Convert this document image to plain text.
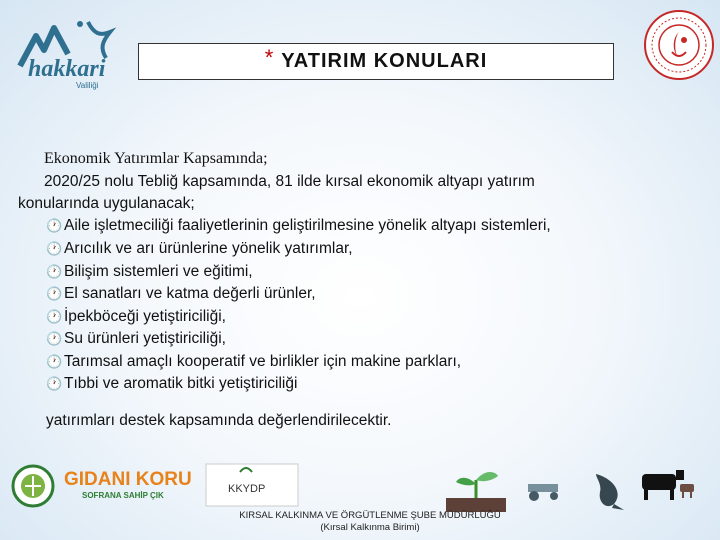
hakkari
Valiliği
* YATIRIM KONULARI
Ekonomik Yatırımlar Kapsamında;
2020/25 nolu Tebliğ kapsamında, 81 ilde kırsal ekonomik altyapı yatırım
konularında uygulanacak;
🕐 Aile işletmeciliği faaliyetlerinin geliştirilmesine yönelik altyapı sistemleri,
🕐 Arıcılık ve arı ürünlerine yönelik yatırımlar,
🕐 Bilişim sistemleri ve eğitimi,
🕐 El sanatları ve katma değerli ürünler,
🕐 İpekböceği yetiştiriciliği,
🕐 Su ürünleri yetiştiriciliği,
🕐 Tarımsal amaçlı kooperatif ve birlikler için makine parkları,
🕐 Tıbbi ve aromatik bitki yetiştiriciliği
yatırımları destek kapsamında değerlendirilecektir.
GIDANI KORU
SOFRANA SAHİP ÇIK
KKYDP
KIRSAL KALKINMA VE ÖRGÜTLENME ŞUBE MÜDÜRLÜĞÜ
(Kırsal Kalkınma Birimi)
